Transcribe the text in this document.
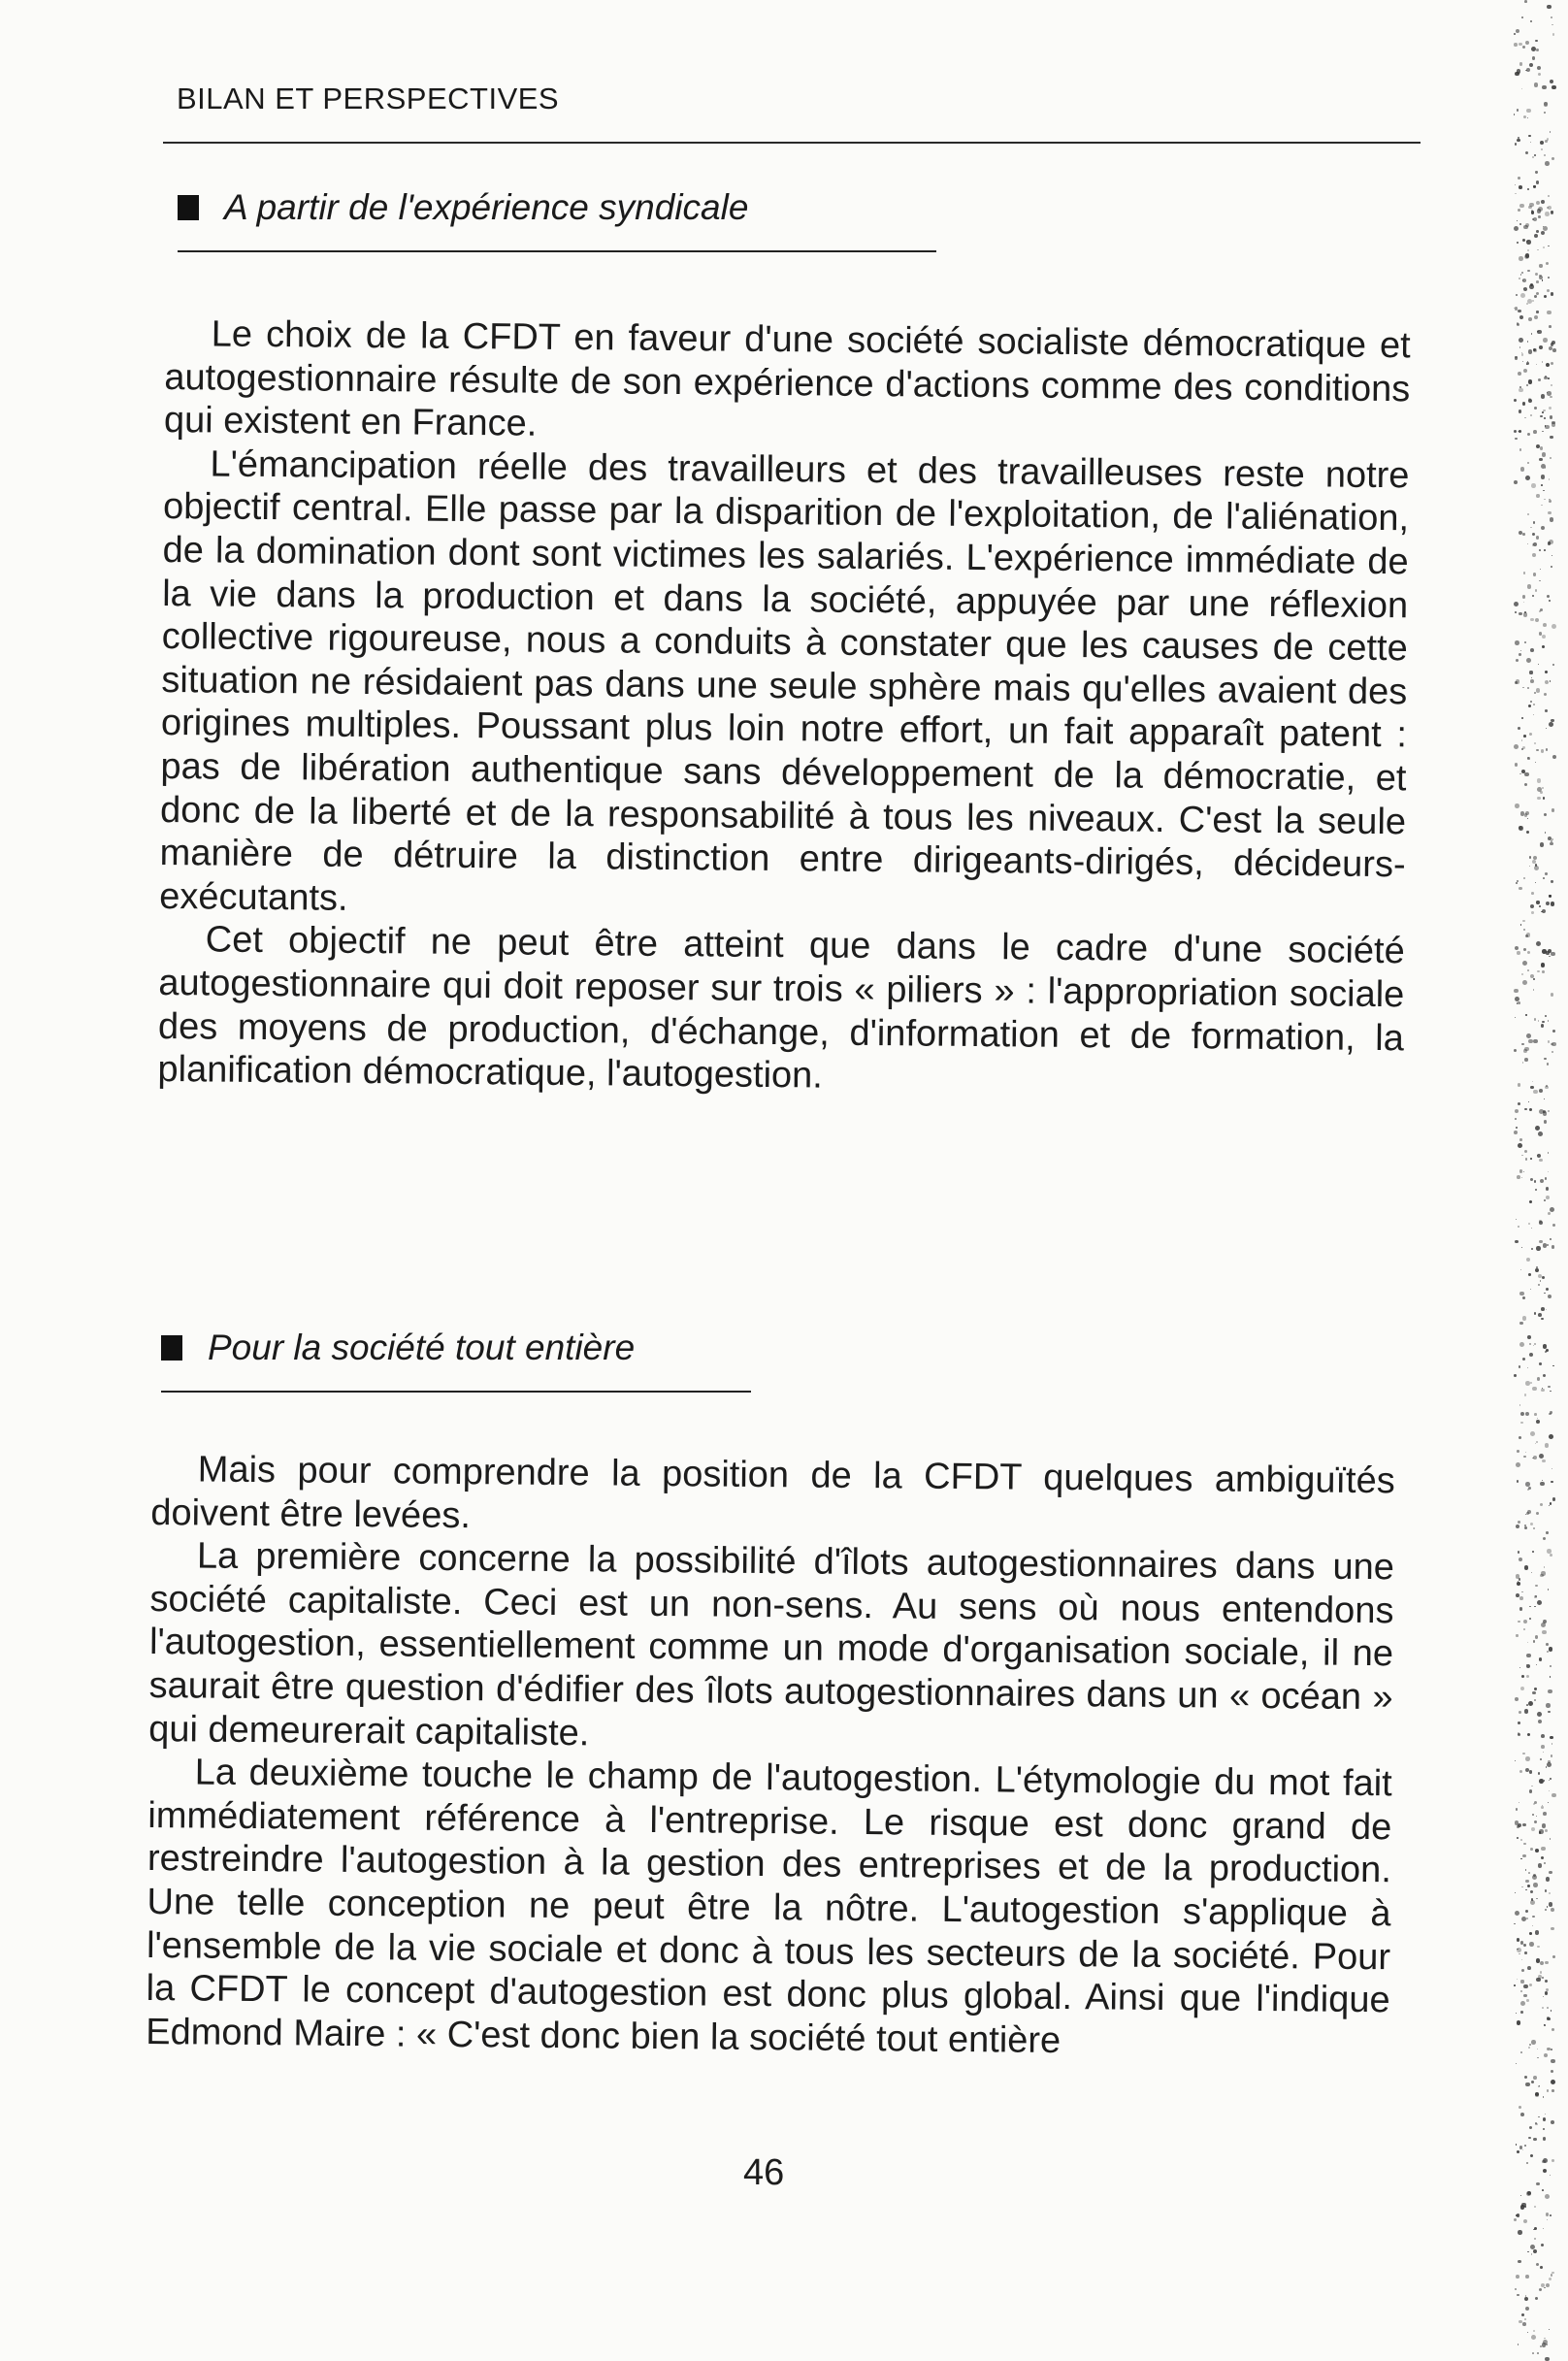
BILAN ET PERSPECTIVES
A partir de l'expérience syndicale

Le choix de la CFDT en faveur d'une société socialiste démocratique et autogestionnaire résulte de son expérience d'actions comme des conditions qui existent en France.

L'émancipation réelle des travailleurs et des travailleuses reste notre objectif central. Elle passe par la disparition de l'exploitation, de l'aliénation, de la domination dont sont victimes les salariés. L'expérience immédiate de la vie dans la production et dans la société, appuyée par une réflexion collective rigoureuse, nous a conduits à constater que les causes de cette situation ne résidaient pas dans une seule sphère mais qu'elles avaient des origines multiples. Poussant plus loin notre effort, un fait apparaît patent : pas de libération authentique sans développement de la démocratie, et donc de la liberté et de la responsabilité à tous les niveaux. C'est la seule manière de détruire la distinction entre dirigeants-dirigés, décideurs-exécutants.

Cet objectif ne peut être atteint que dans le cadre d'une société autogestionnaire qui doit reposer sur trois « piliers » : l'appropriation sociale des moyens de production, d'échange, d'information et de formation, la planification démocratique, l'autogestion.

Pour la société tout entière

Mais pour comprendre la position de la CFDT quelques ambiguïtés doivent être levées.

La première concerne la possibilité d'îlots autogestionnaires dans une société capitaliste. Ceci est un non-sens. Au sens où nous entendons l'autogestion, essentiellement comme un mode d'organisation sociale, il ne saurait être question d'édifier des îlots autogestionnaires dans un « océan » qui demeurerait capitaliste.

La deuxième touche le champ de l'autogestion. L'étymologie du mot fait immédiatement référence à l'entreprise. Le risque est donc grand de restreindre l'autogestion à la gestion des entreprises et de la production. Une telle conception ne peut être la nôtre. L'autogestion s'applique à l'ensemble de la vie sociale et donc à tous les secteurs de la société. Pour la CFDT le concept d'autogestion est donc plus global. Ainsi que l'indique Edmond Maire : « C'est donc bien la société tout entière

46
